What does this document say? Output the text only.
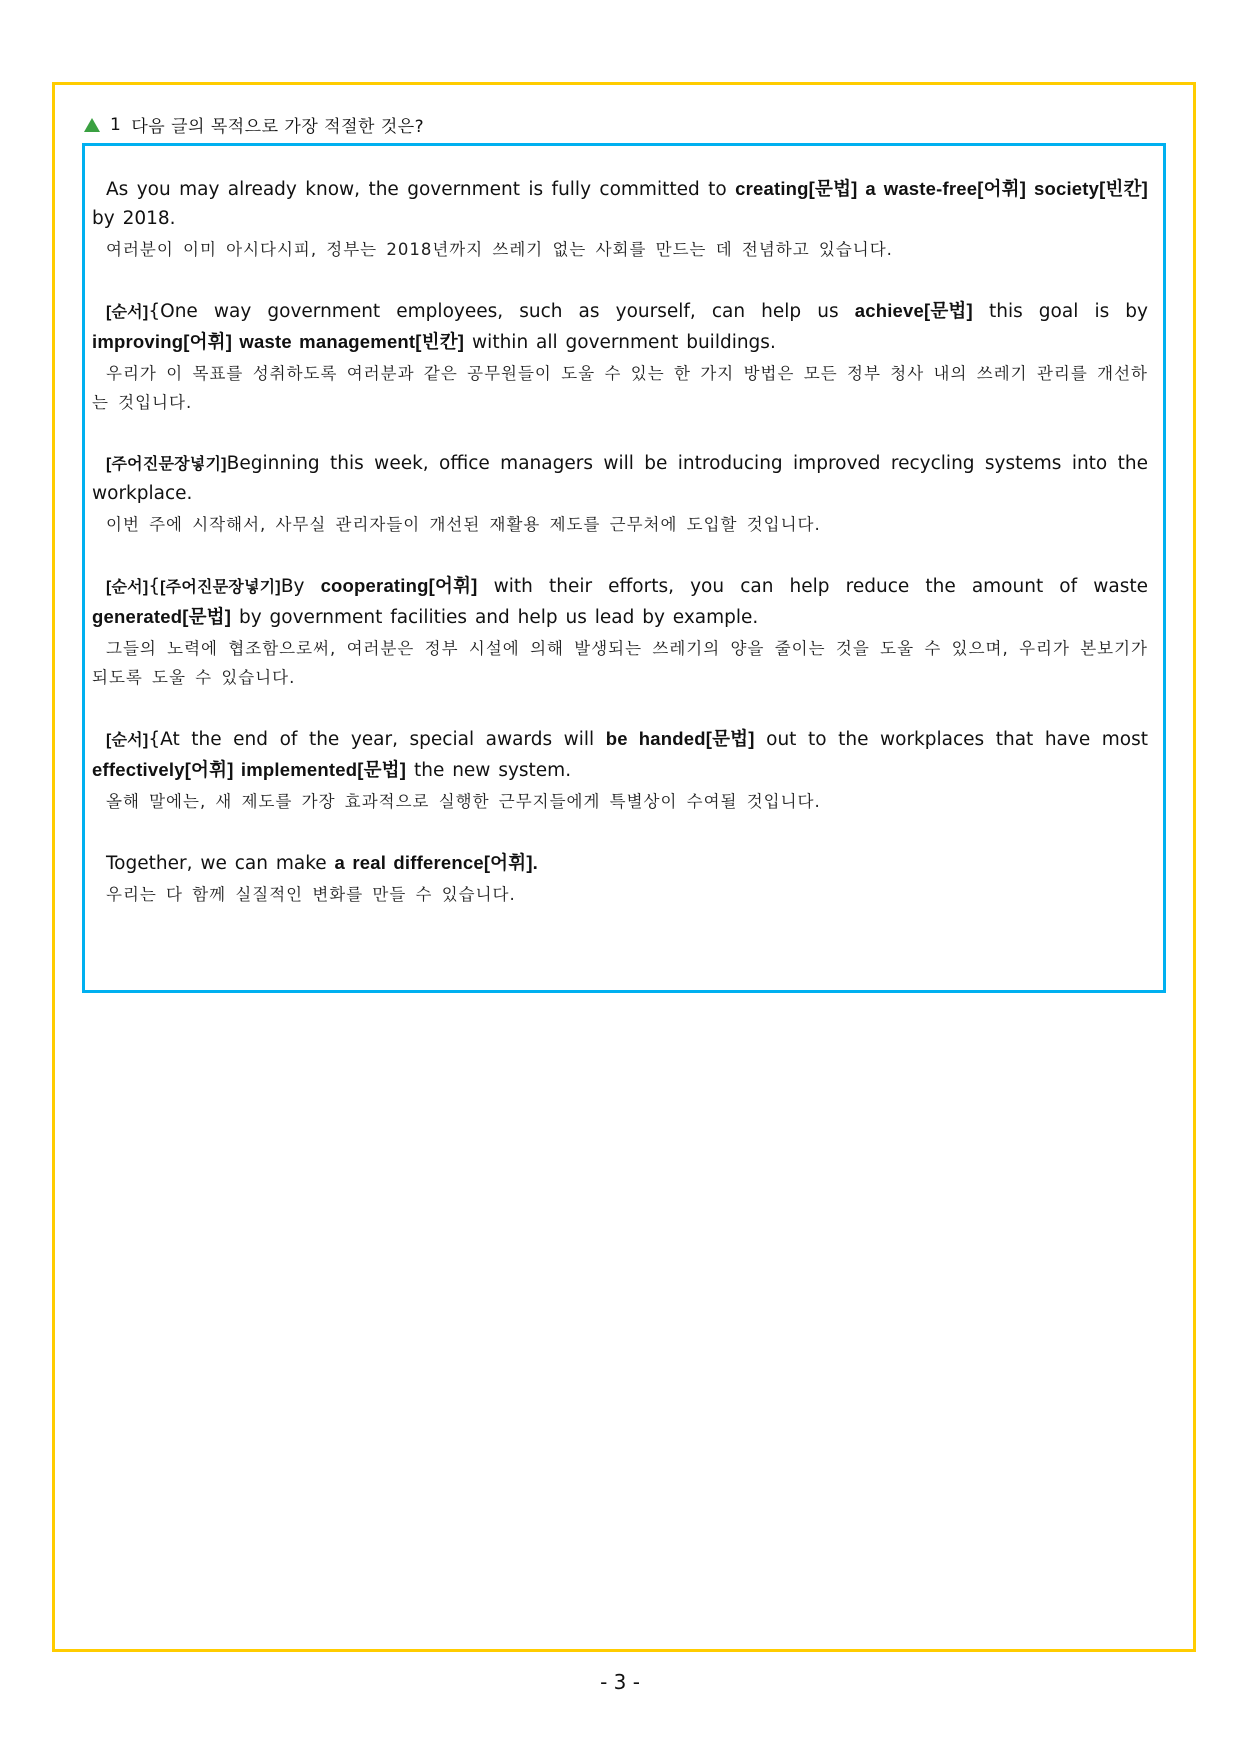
1 다음 글의 목적으로 가장 적절한 것은?
As you may already know, the government is fully committed to creating[문법] a waste-free[어휘] society[빈칸] by 2018.
여러분이 이미 아시다시피, 정부는 2018년까지 쓰레기 없는 사회를 만드는 데 전념하고 있습니다.
[순서]{One way government employees, such as yourself, can help us achieve[문법] this goal is by improving[어휘] waste management[빈칸] within all government buildings.
우리가 이 목표를 성취하도록 여러분과 같은 공무원들이 도울 수 있는 한 가지 방법은 모든 정부 청사 내의 쓰레기 관리를 개선하는 것입니다.
[주어진문장넣기]Beginning this week, office managers will be introducing improved recycling systems into the workplace.
이번 주에 시작해서, 사무실 관리자들이 개선된 재활용 제도를 근무처에 도입할 것입니다.
[순서]{[주어진문장넣기]By cooperating[어휘] with their efforts, you can help reduce the amount of waste generated[문법] by government facilities and help us lead by example.
그들의 노력에 협조함으로써, 여러분은 정부 시설에 의해 발생되는 쓰레기의 양을 줄이는 것을 도울 수 있으며, 우리가 본보기가 되도록 도울 수 있습니다.
[순서]{At the end of the year, special awards will be handed[문법] out to the workplaces that have most effectively[어휘] implemented[문법] the new system.
올해 말에는, 새 제도를 가장 효과적으로 실행한 근무지들에게 특별상이 수여될 것입니다.
Together, we can make a real difference[어휘].
우리는 다 함께 실질적인 변화를 만들 수 있습니다.
- 3 -
